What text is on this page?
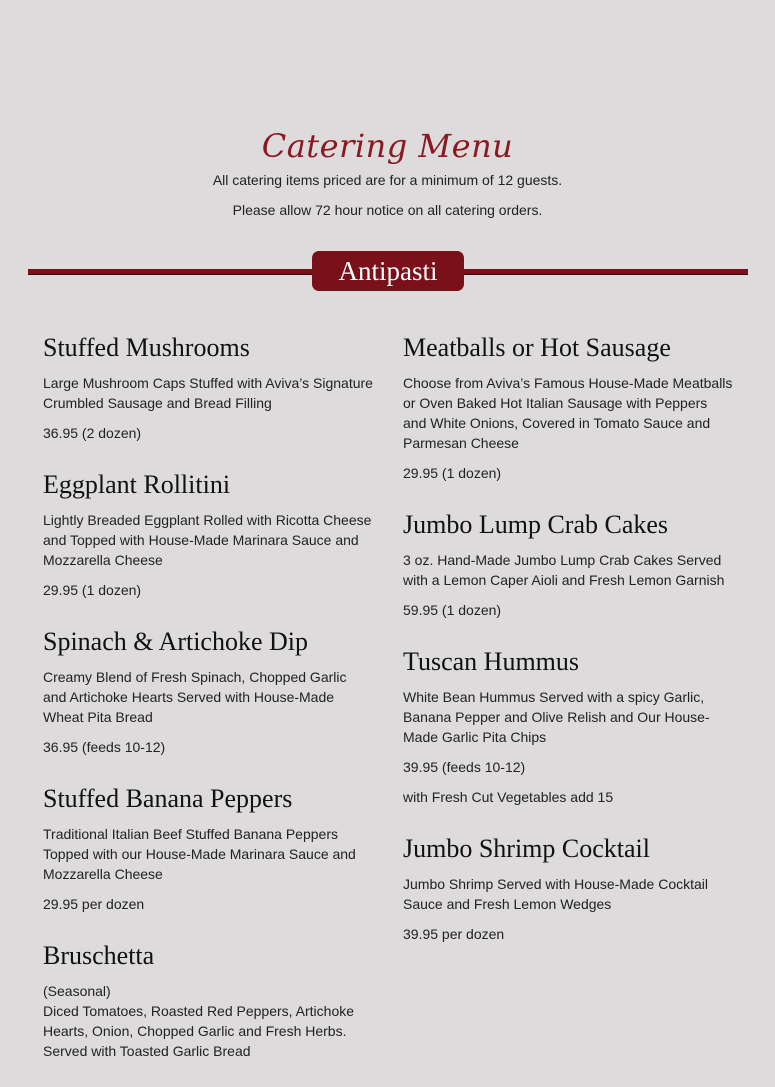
Catering Menu
All catering items priced are for a minimum of 12 guests.
Please allow 72 hour notice on all catering orders.
Antipasti
Stuffed Mushrooms

Large Mushroom Caps Stuffed with Aviva’s Signature Crumbled Sausage and Bread Filling

36.95 (2 dozen)

Eggplant Rollitini

Lightly Breaded Eggplant Rolled with Ricotta Cheese and Topped with House-Made Marinara Sauce and Mozzarella Cheese

29.95 (1 dozen)

Spinach & Artichoke Dip

Creamy Blend of Fresh Spinach, Chopped Garlic and Artichoke Hearts Served with House-Made Wheat Pita Bread

36.95 (feeds 10-12)

Stuffed Banana Peppers

Traditional Italian Beef Stuffed Banana Peppers Topped with our House-Made Marinara Sauce and Mozzarella Cheese

29.95 per dozen

Bruschetta

(Seasonal)

Diced Tomatoes, Roasted Red Peppers, Artichoke Hearts, Onion, Chopped Garlic and Fresh Herbs. Served with Toasted Garlic Bread

Meatballs or Hot Sausage

Choose from Aviva’s Famous House-Made Meatballs or Oven Baked Hot Italian Sausage with Peppers and White Onions, Covered in Tomato Sauce and Parmesan Cheese

29.95 (1 dozen)

Jumbo Lump Crab Cakes

3 oz. Hand-Made Jumbo Lump Crab Cakes Served with a Lemon Caper Aioli and Fresh Lemon Garnish

59.95 (1 dozen)

Tuscan Hummus

White Bean Hummus Served with a spicy Garlic, Banana Pepper and Olive Relish and Our House-Made Garlic Pita Chips

39.95 (feeds 10-12)

with Fresh Cut Vegetables add 15

Jumbo Shrimp Cocktail

Jumbo Shrimp Served with House-Made Cocktail Sauce and Fresh Lemon Wedges

39.95 per dozen
